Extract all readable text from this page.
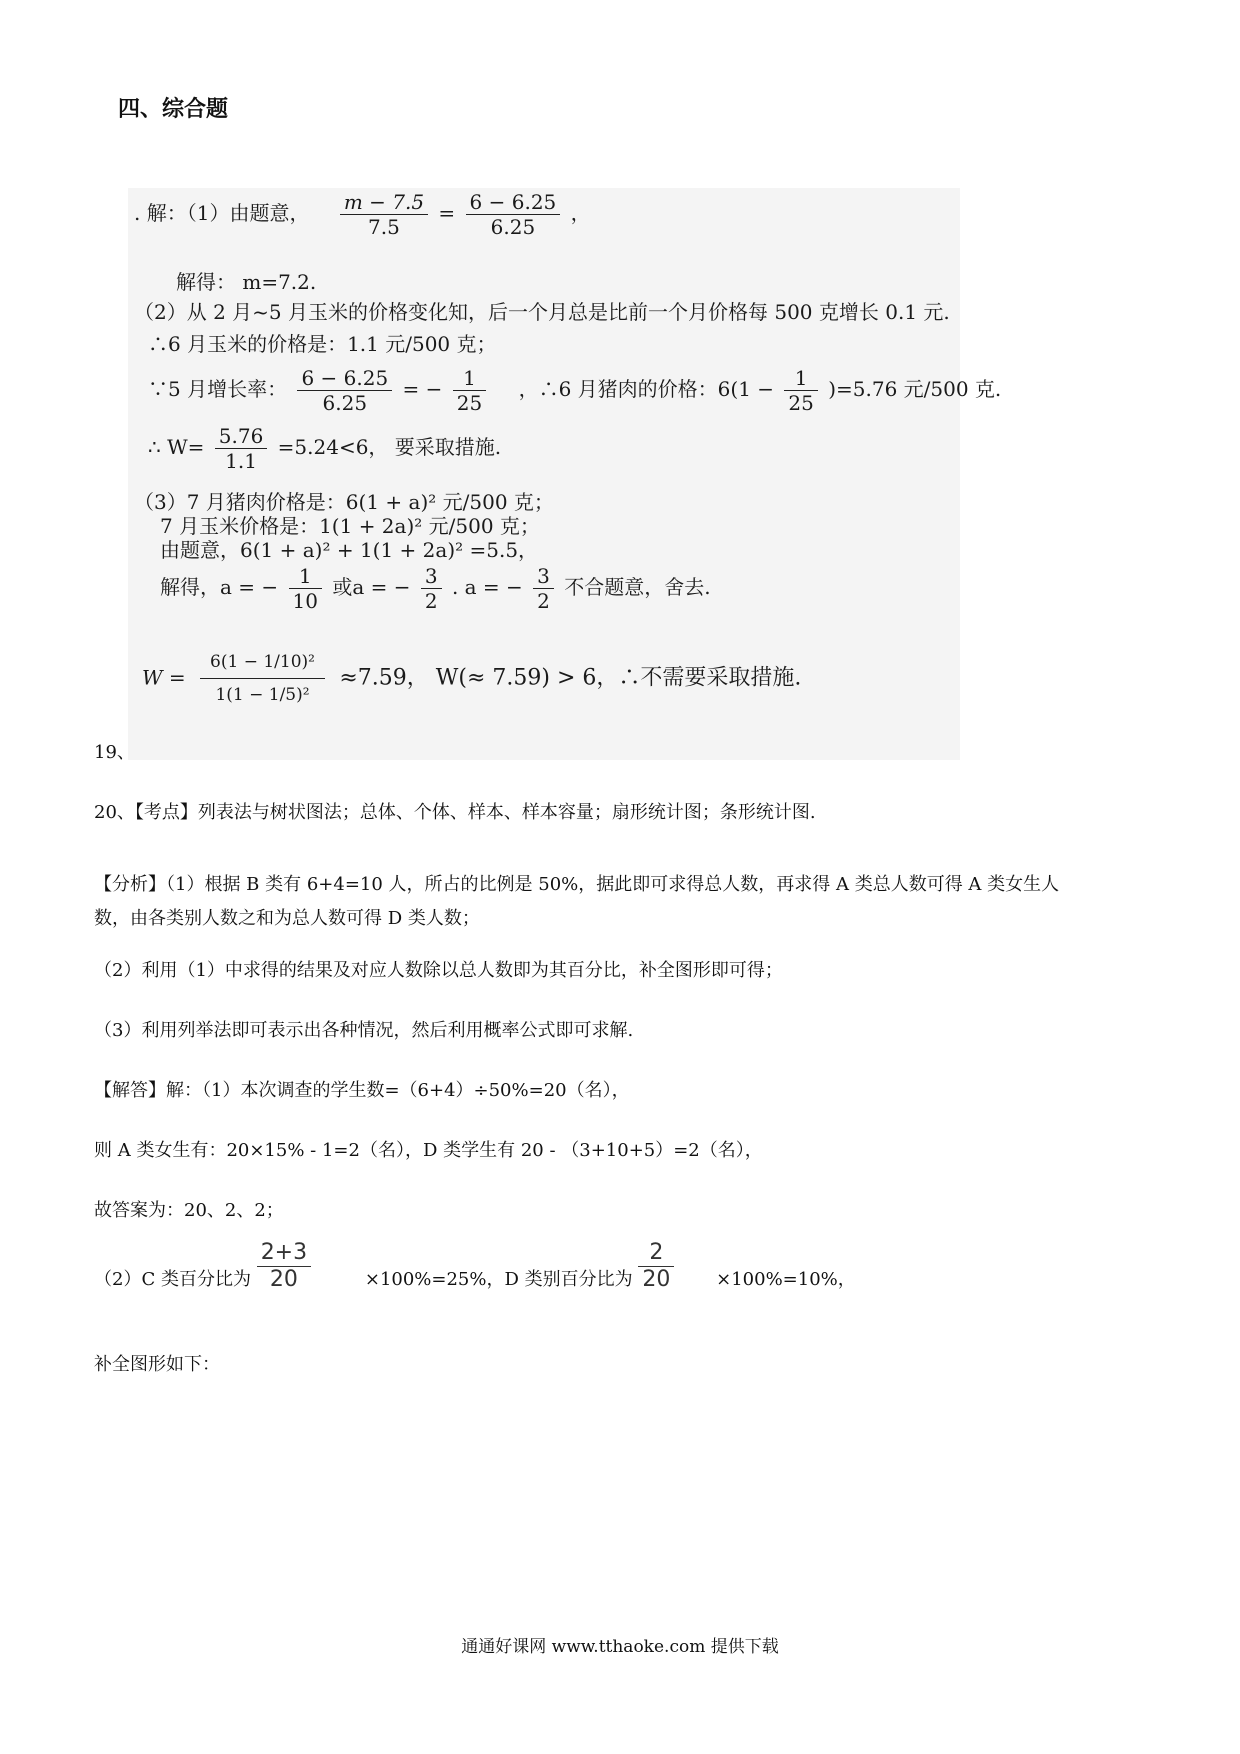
四、综合题
. 解：（1）由题意， $\frac{m - 7.5}{7.5} = \frac{6 - 6.25}{6.25}$ ，
解得： m=7.2.
（2）从 2 月~5 月玉米的价格变化知，后一个月总是比前一个月价格每 500 克增长 0.1 元.
∴6 月玉米的价格是：1.1 元/500 克；
∵5 月增长率： $\frac{6 - 6.25}{6.25}$ = − $\frac{1}{25}$ ，∴6 月猪肉的价格：$6(1 - \frac{1}{25} )=5.76$ 元/500 克.
∴ $W= \frac{5.76}{1.1} =5.24<6$， 要采取措施.
（3）7 月猪肉价格是：6(1 + a)² 元/500 克；
7 月玉米价格是：1(1 + 2a)² 元/500 克；
由题意，6(1 + a)² + 1(1 + 2a)² =5.5，
解得，a = − $\frac{1}{10}$ 或a = − $\frac{3}{2}$ . a = − $\frac{3}{2}$ 不合题意，舍去.
$W = \frac{\text{6(1 − 1/10)²}}{\text{1(1 − 1/5)²}} \approx 7.59$， W(≈ 7.59) > 6，∴不需要采取措施.
19、
20、【考点】列表法与树状图法；总体、个体、样本、样本容量；扇形统计图；条形统计图.
【分析】（1）根据 B 类有 6+4=10 人，所占的比例是 50%，据此即可求得总人数，再求得 A 类总人数可得 A 类女生人
数，由各类别人数之和为总人数可得 D 类人数；
（2）利用（1）中求得的结果及对应人数除以总人数即为其百分比，补全图形即可得；
（3）利用列举法即可表示出各种情况，然后利用概率公式即可求解.
【解答】解：（1）本次调查的学生数=（6+4）÷50%=20（名），
则 A 类女生有：20×15% - 1=2（名），D 类学生有 20 - （3+10+5）=2（名），
故答案为：20、2、2；
（2）C 类百分比为 $\frac{2+3}{20}$	×100%=25%，D 类别百分比为 $\frac{2}{20} \times 100\%=10\%$，
补全图形如下：
通通好课网 www.tthaoke.com 提供下载
